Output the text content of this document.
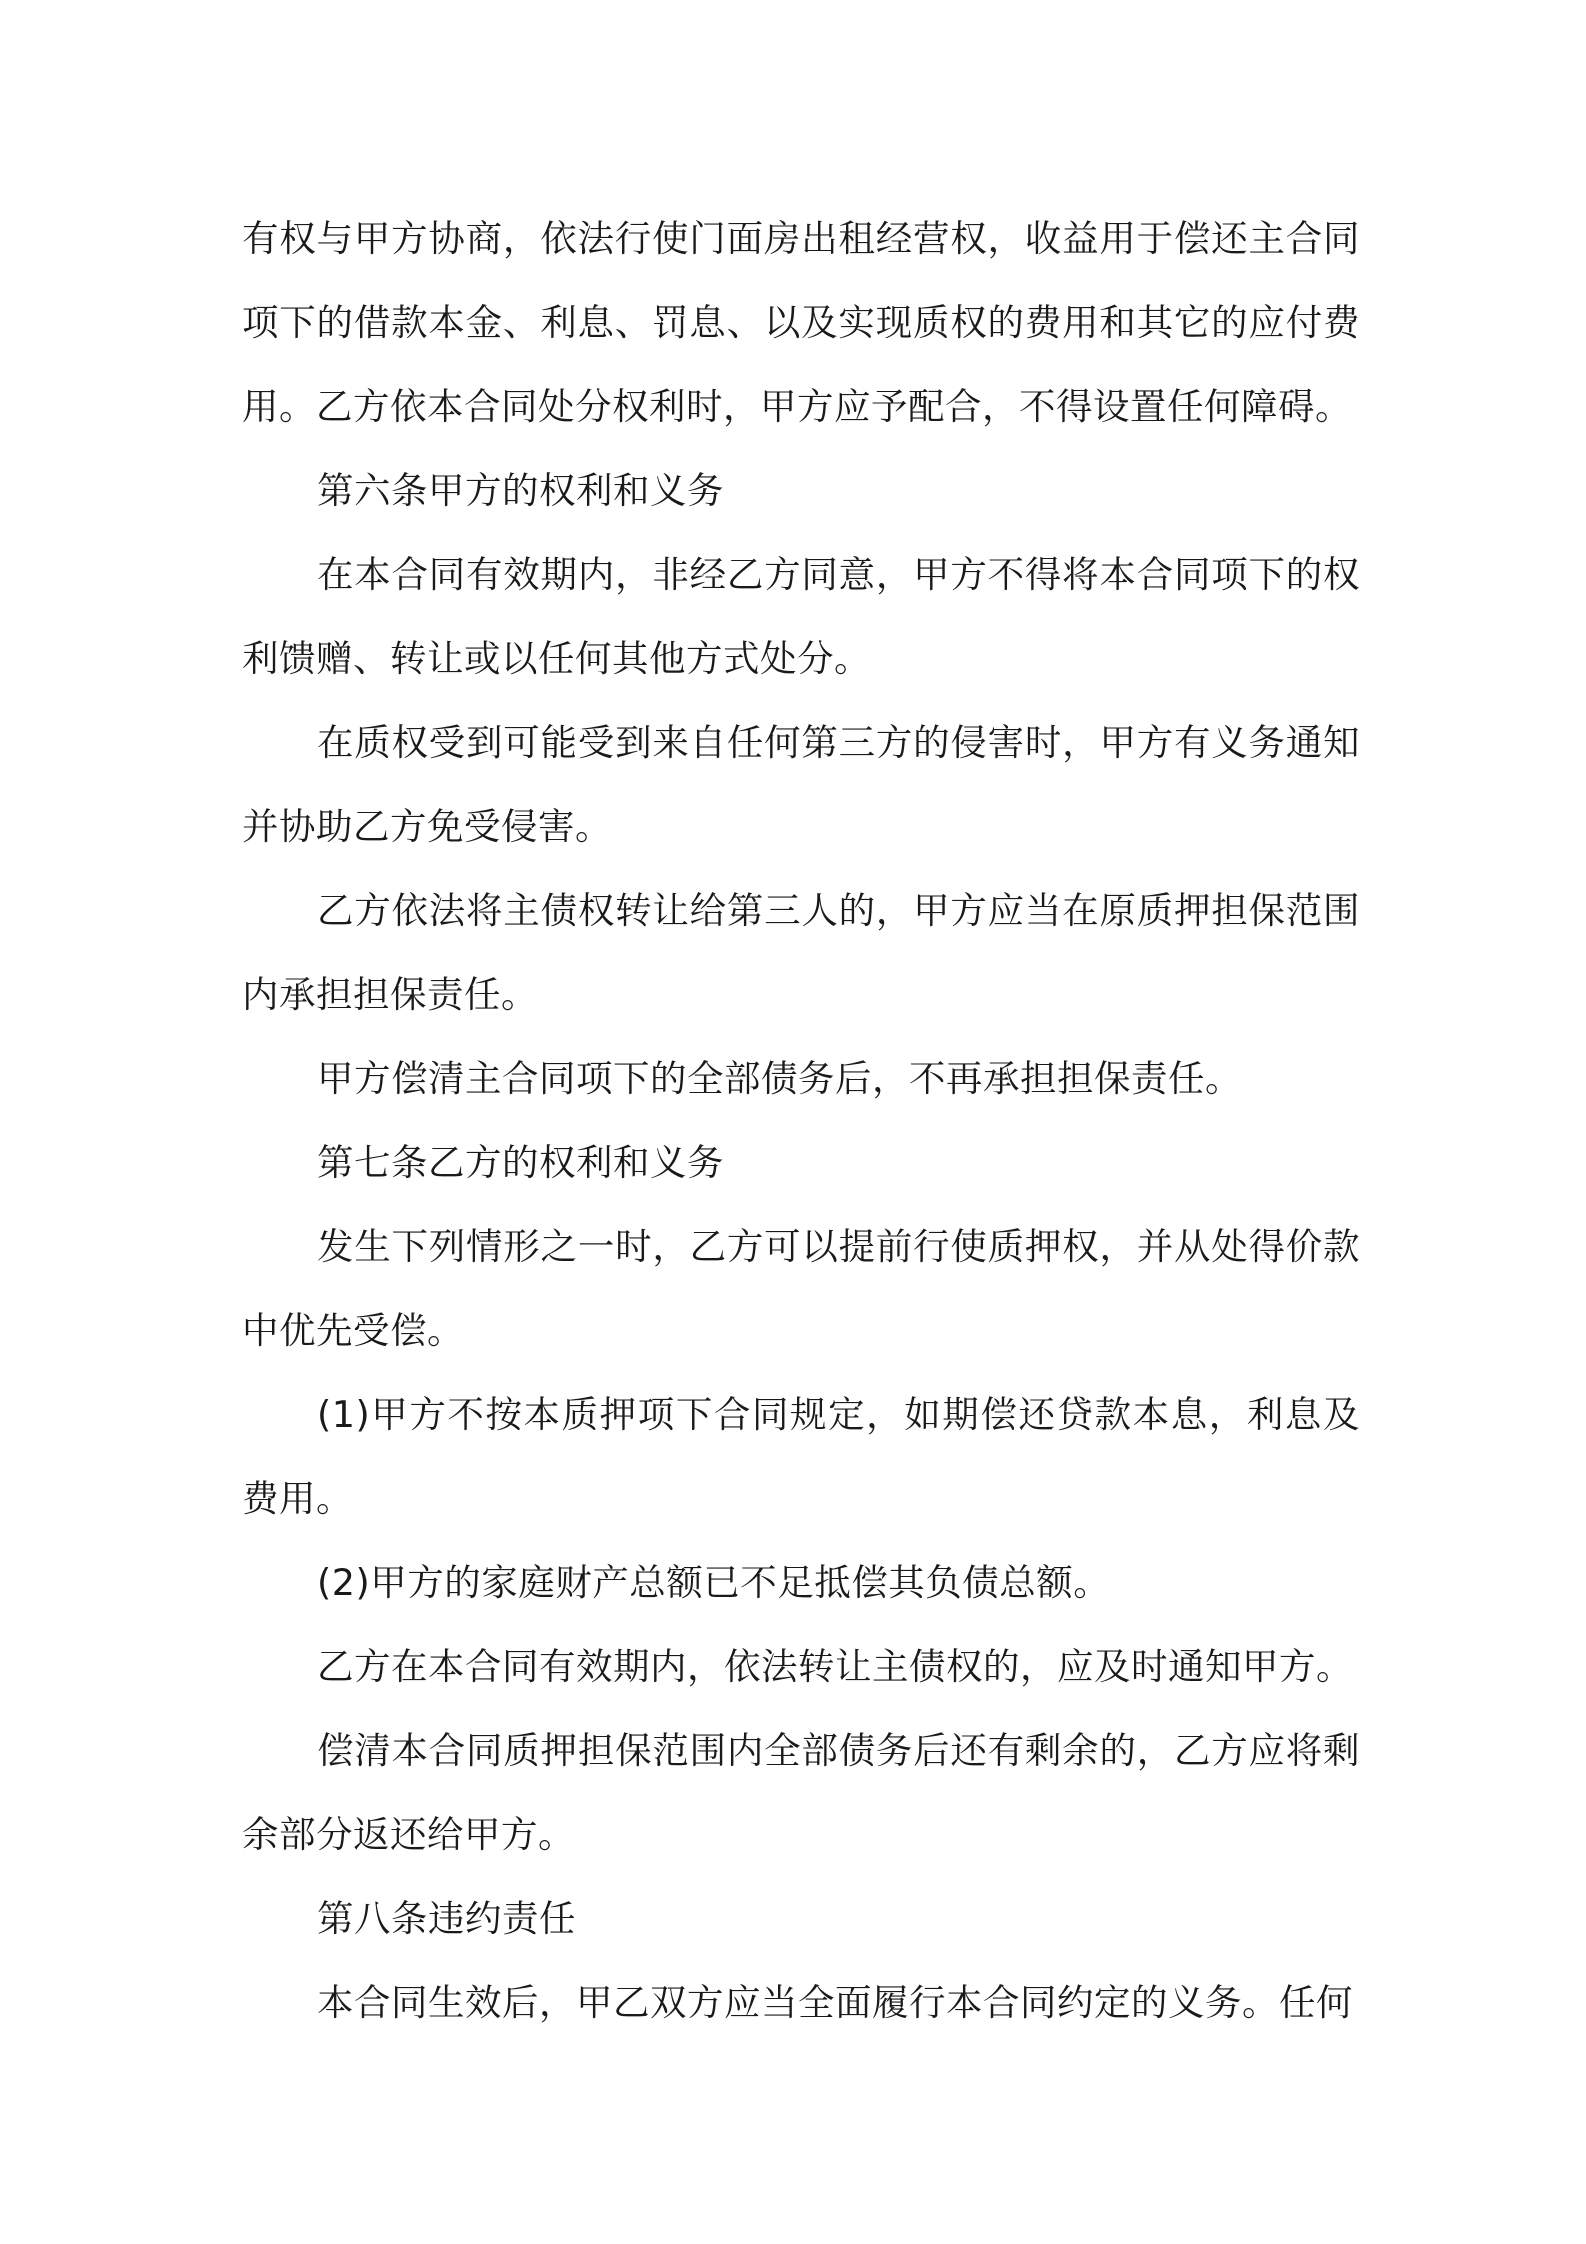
有权与甲方协商，依法行使门面房出租经营权，收益用于偿还主合同项下的借款本金、利息、罚息、以及实现质权的费用和其它的应付费用。乙方依本合同处分权利时，甲方应予配合，不得设置任何障碍。

第六条甲方的权利和义务

在本合同有效期内，非经乙方同意，甲方不得将本合同项下的权利馈赠、转让或以任何其他方式处分。

在质权受到可能受到来自任何第三方的侵害时，甲方有义务通知并协助乙方免受侵害。

乙方依法将主债权转让给第三人的，甲方应当在原质押担保范围内承担担保责任。

甲方偿清主合同项下的全部债务后，不再承担担保责任。

第七条乙方的权利和义务

发生下列情形之一时，乙方可以提前行使质押权，并从处得价款中优先受偿。

(1)甲方不按本质押项下合同规定，如期偿还贷款本息，利息及费用。

(2)甲方的家庭财产总额已不足抵偿其负债总额。

乙方在本合同有效期内，依法转让主债权的，应及时通知甲方。

偿清本合同质押担保范围内全部债务后还有剩余的，乙方应将剩余部分返还给甲方。

第八条违约责任

本合同生效后，甲乙双方应当全面履行本合同约定的义务。任何
